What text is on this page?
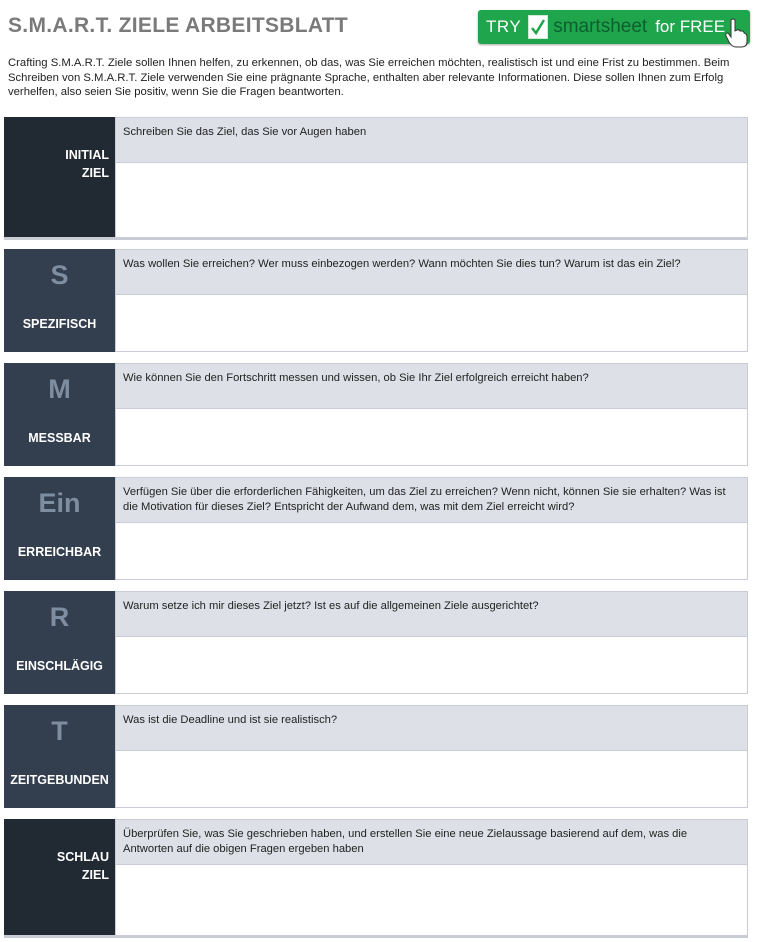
S.M.A.R.T. ZIELE ARBEITSBLATT	TRY smartsheet for FREE
Crafting S.M.A.R.T. Ziele sollen Ihnen helfen, zu erkennen, ob das, was Sie erreichen möchten, realistisch ist und eine Frist zu bestimmen. Beim Schreiben von S.M.A.R.T. Ziele verwenden Sie eine prägnante Sprache, enthalten aber relevante Informationen. Diese sollen Ihnen zum Erfolg verhelfen, also seien Sie positiv, wenn Sie die Fragen beantworten.
INITIAL
ZIEL
Schreiben Sie das Ziel, das Sie vor Augen haben
S
SPEZIFISCH
Was wollen Sie erreichen? Wer muss einbezogen werden? Wann möchten Sie dies tun? Warum ist das ein Ziel?
M
MESSBAR
Wie können Sie den Fortschritt messen und wissen, ob Sie Ihr Ziel erfolgreich erreicht haben?
Ein
ERREICHBAR
Verfügen Sie über die erforderlichen Fähigkeiten, um das Ziel zu erreichen? Wenn nicht, können Sie sie erhalten? Was ist die Motivation für dieses Ziel? Entspricht der Aufwand dem, was mit dem Ziel erreicht wird?
R
EINSCHLÄGIG
Warum setze ich mir dieses Ziel jetzt? Ist es auf die allgemeinen Ziele ausgerichtet?
T
ZEITGEBUNDEN
Was ist die Deadline und ist sie realistisch?
SCHLAU
ZIEL
Überprüfen Sie, was Sie geschrieben haben, und erstellen Sie eine neue Zielaussage basierend auf dem, was die Antworten auf die obigen Fragen ergeben haben
